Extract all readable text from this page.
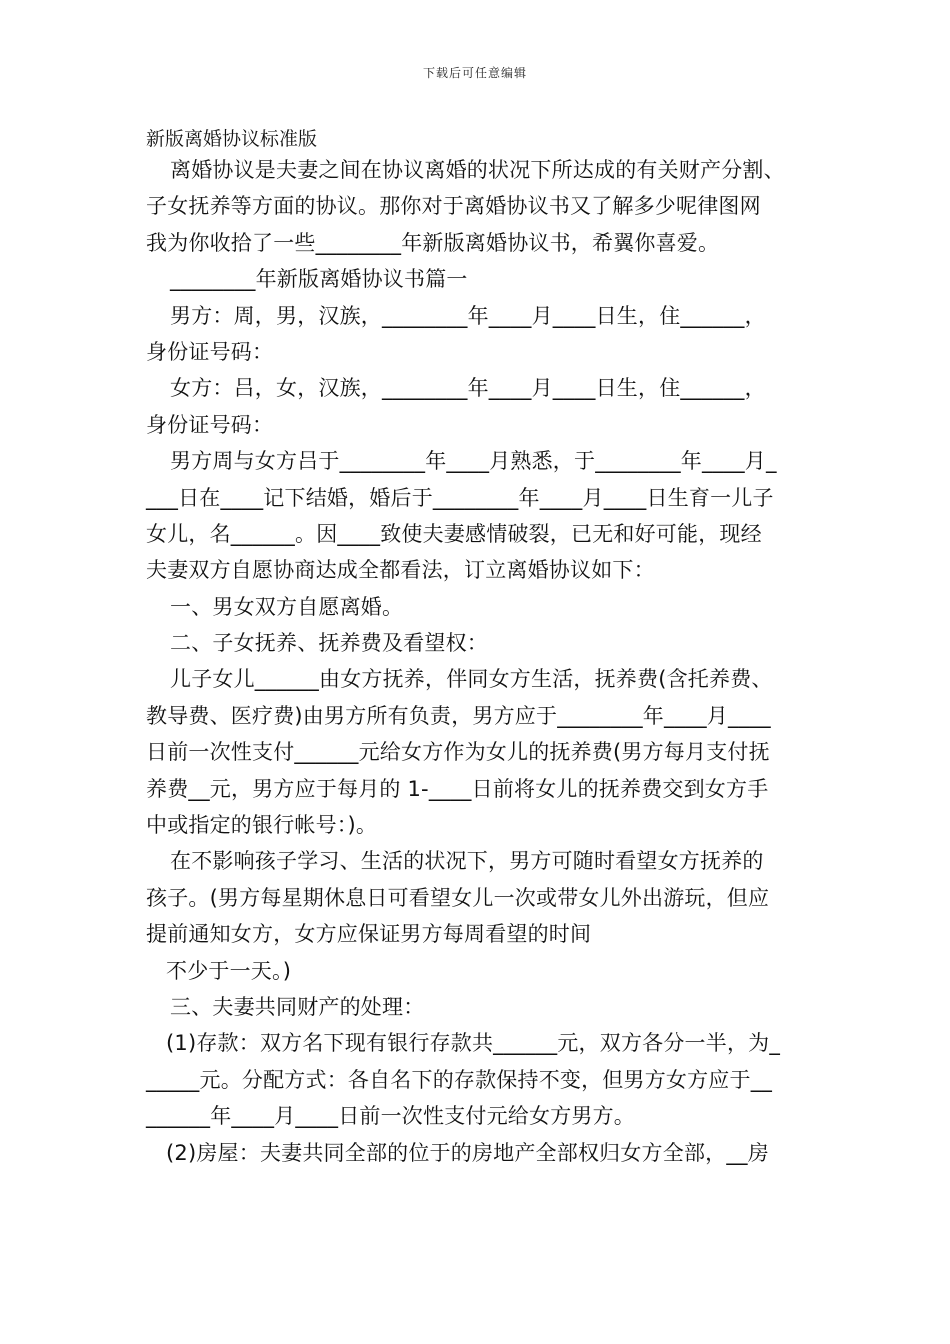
下载后可任意编辑
新版离婚协议标准版
离婚协议是夫妻之间在协议离婚的状况下所达成的有关财产分割、
子女抚养等方面的协议。那你对于离婚协议书又了解多少呢律图网
我为你收拾了一些________年新版离婚协议书，希翼你喜爱。
________年新版离婚协议书篇一
男方：周，男，汉族，________年____月____日生，住______，
身份证号码：
女方：吕，女，汉族，________年____月____日生，住______，
身份证号码：
男方周与女方吕于________年____月熟悉，于________年____月_
___日在____记下结婚，婚后于________年____月____日生育一儿子
女儿，名______。因____致使夫妻感情破裂，已无和好可能，现经
夫妻双方自愿协商达成全都看法，订立离婚协议如下：
一、男女双方自愿离婚。
二、子女抚养、抚养费及看望权：
儿子女儿______由女方抚养，伴同女方生活，抚养费(含托养费、
教导费、医疗费)由男方所有负责，男方应于________年____月____
日前一次性支付______元给女方作为女儿的抚养费(男方每月支付抚
养费__元，男方应于每月的 1-____日前将女儿的抚养费交到女方手
中或指定的银行帐号：)。
在不影响孩子学习、生活的状况下，男方可随时看望女方抚养的
孩子。(男方每星期休息日可看望女儿一次或带女儿外出游玩，但应
提前通知女方，女方应保证男方每周看望的时间
不少于一天。)
三、夫妻共同财产的处理：
(1)存款：双方名下现有银行存款共______元，双方各分一半，为_
_____元。分配方式：各自名下的存款保持不变，但男方女方应于__
______年____月____日前一次性支付元给女方男方。
(2)房屋：夫妻共同全部的位于的房地产全部权归女方全部，__房
